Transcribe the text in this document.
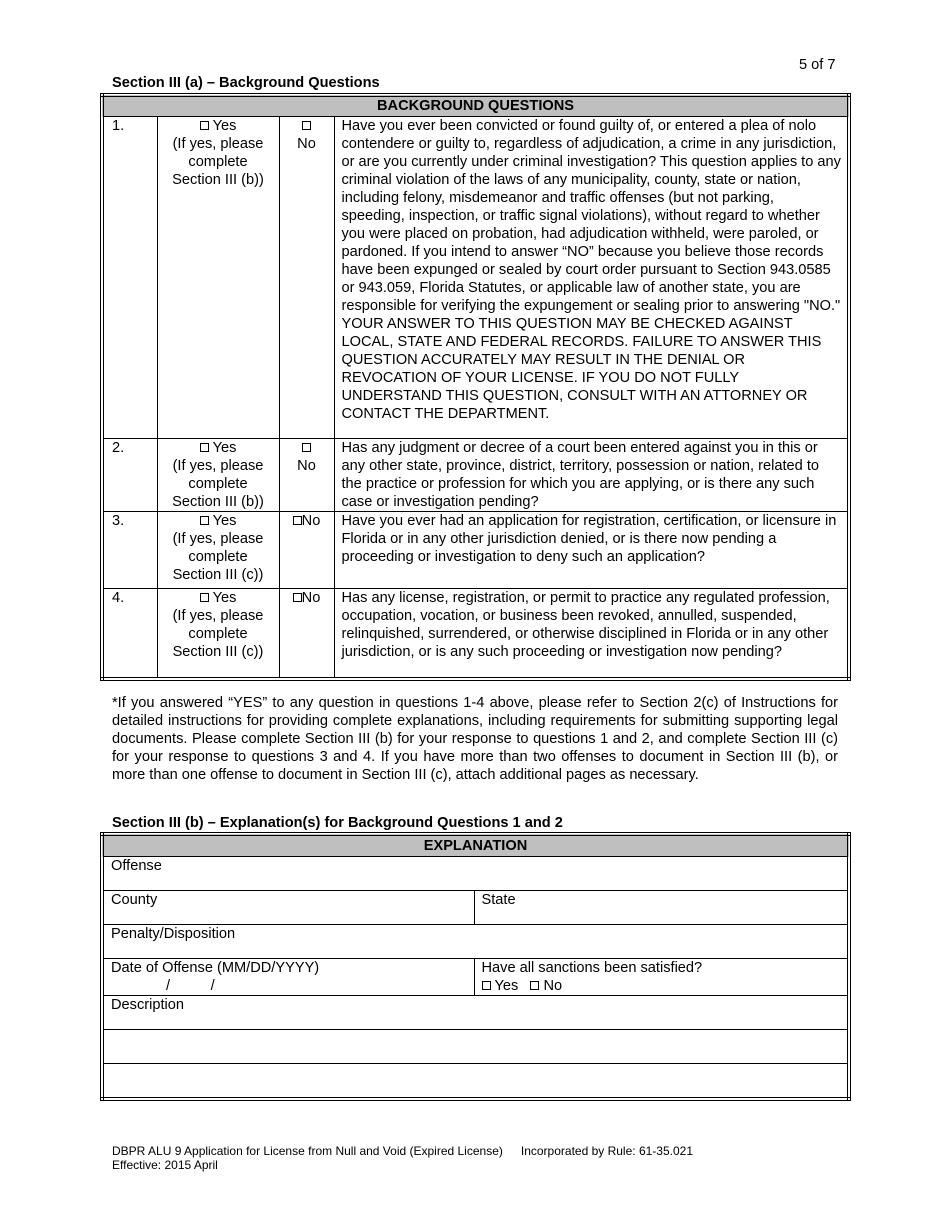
5 of 7
Section III (a) – Background Questions
BACKGROUND QUESTIONS			
1.	Yes
(If yes, please complete Section III (b))	No	Have you ever been convicted or found guilty of, or entered a plea of nolo contendere or guilty to, regardless of adjudication, a crime in any jurisdiction, or are you currently under criminal investigation? This question applies to any criminal violation of the laws of any municipality, county, state or nation, including felony, misdemeanor and traffic offenses (but not parking, speeding, inspection, or traffic signal violations), without regard to whether you were placed on probation, had adjudication withheld, were paroled, or pardoned. If you intend to answer “NO” because you believe those records have been expunged or sealed by court order pursuant to Section 943.0585 or 943.059, Florida Statutes, or applicable law of another state, you are responsible for verifying the expungement or sealing prior to answering "NO." YOUR ANSWER TO THIS QUESTION MAY BE CHECKED AGAINST LOCAL, STATE AND FEDERAL RECORDS. FAILURE TO ANSWER THIS QUESTION ACCURATELY MAY RESULT IN THE DENIAL OR REVOCATION OF YOUR LICENSE. IF YOU DO NOT FULLY UNDERSTAND THIS QUESTION, CONSULT WITH AN ATTORNEY OR CONTACT THE DEPARTMENT.
2.	Yes
(If yes, please complete Section III (b))	No	Has any judgment or decree of a court been entered against you in this or any other state, province, district, territory, possession or nation, related to the practice or profession for which you are applying, or is there any such case or investigation pending?
3.	Yes
(If yes, please complete Section III (c))	No	Have you ever had an application for registration, certification, or licensure in Florida or in any other jurisdiction denied, or is there now pending a proceeding or investigation to deny such an application?
4.	Yes
(If yes, please complete Section III (c))	No	Has any license, registration, or permit to practice any regulated profession, occupation, vocation, or business been revoked, annulled, suspended, relinquished, surrendered, or otherwise disciplined in Florida or in any other jurisdiction, or is any such proceeding or investigation now pending?
*If you answered “YES” to any question in questions 1-4 above, please refer to Section 2(c) of Instructions for detailed instructions for providing complete explanations, including requirements for submitting supporting legal documents. Please complete Section III (b) for your response to questions 1 and 2, and complete Section III (c) for your response to questions 3 and 4. If you have more than two offenses to document in Section III (b), or more than one offense to document in Section III (c), attach additional pages as necessary.
Section III (b) – Explanation(s) for Background Questions 1 and 2
EXPLANATION	
Offense	
County	State
Penalty/Disposition	

Date of Offense (MM/DD/YYYY)
/          /	Have all sanctions been satisfied?
Yes No

Description	

DBPR ALU 9 Application for License from Null and Void (Expired License) Incorporated by Rule: 61-35.021
Effective: 2015 April
